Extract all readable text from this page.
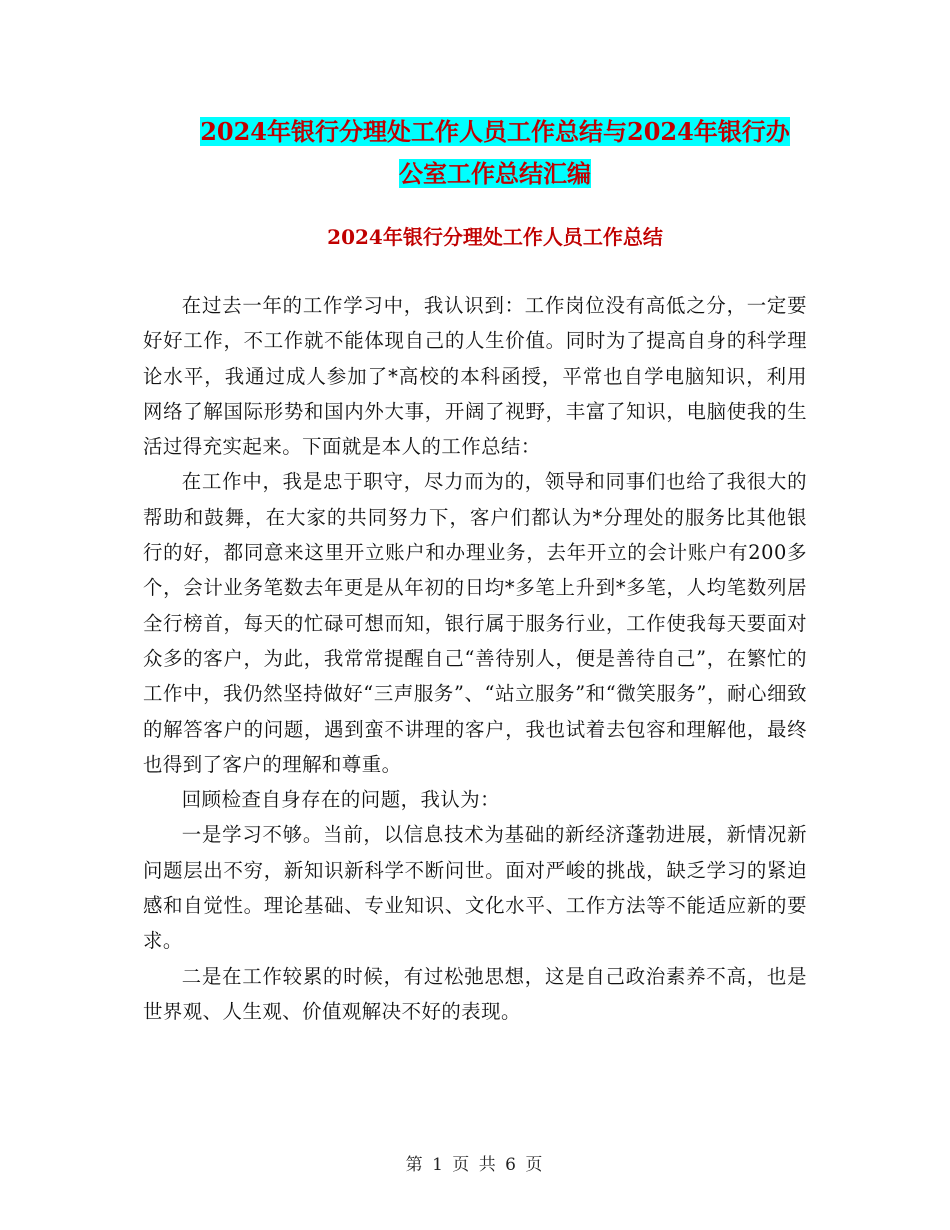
2024年银行分理处工作人员工作总结与2024年银行办
公室工作总结汇编
2024年银行分理处工作人员工作总结

在过去一年的工作学习中，我认识到：工作岗位没有高低之分，一定要好好工作，不工作就不能体现自己的人生价值。同时为了提高自身的科学理论水平，我通过成人参加了*高校的本科函授，平常也自学电脑知识，利用网络了解国际形势和国内外大事，开阔了视野，丰富了知识，电脑使我的生活过得充实起来。下面就是本人的工作总结：

在工作中，我是忠于职守，尽力而为的，领导和同事们也给了我很大的帮助和鼓舞，在大家的共同努力下，客户们都认为*分理处的服务比其他银行的好，都同意来这里开立账户和办理业务，去年开立的会计账户有200多个，会计业务笔数去年更是从年初的日均*多笔上升到*多笔，人均笔数列居全行榜首，每天的忙碌可想而知，银行属于服务行业，工作使我每天要面对众多的客户，为此，我常常提醒自己“善待别人，便是善待自己”，在繁忙的工作中，我仍然坚持做好“三声服务”、“站立服务”和“微笑服务”，耐心细致的解答客户的问题，遇到蛮不讲理的客户，我也试着去包容和理解他，最终也得到了客户的理解和尊重。

回顾检查自身存在的问题，我认为：

一是学习不够。当前，以信息技术为基础的新经济蓬勃进展，新情况新问题层出不穷，新知识新科学不断问世。面对严峻的挑战，缺乏学习的紧迫感和自觉性。理论基础、专业知识、文化水平、工作方法等不能适应新的要求。

二是在工作较累的时候，有过松弛思想，这是自己政治素养不高，也是世界观、人生观、价值观解决不好的表现。

第 1 页 共 6 页
